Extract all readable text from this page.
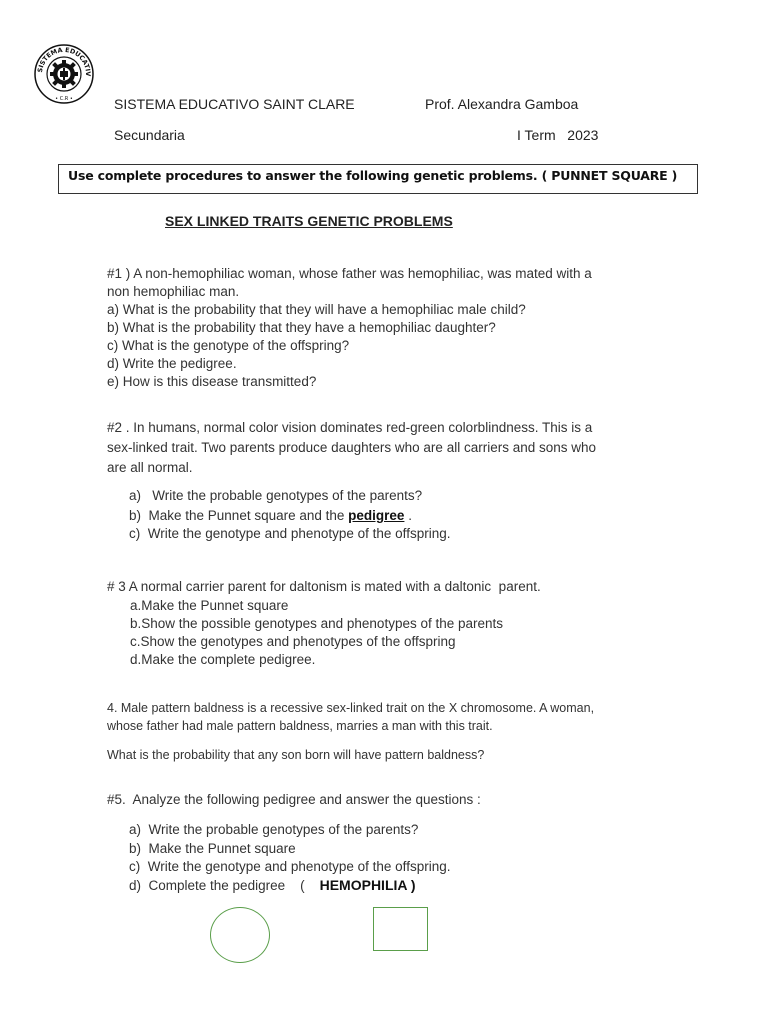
SISTEMA EDUCATIV
• C.R •	SISTEMA EDUCATIVO SAINT CLARE	Prof. Alexandra Gamboa
Secundaria	I Term   2023
Use complete procedures to answer the following genetic problems. ( PUNNET SQUARE )
SEX LINKED TRAITS GENETIC PROBLEMS
#1 ) A non-hemophiliac woman, whose father was hemophiliac, was mated with a
non hemophiliac man.
a) What is the probability that they will have a hemophiliac male child?
b) What is the probability that they have a hemophiliac daughter?
c) What is the genotype of the offspring?
d) Write the pedigree.
e) How is this disease transmitted?
#2 . In humans, normal color vision dominates red-green colorblindness. This is a
sex-linked trait. Two parents produce daughters who are all carriers and sons who
are all normal.
a)   Write the probable genotypes of the parents?
b)  Make the Punnet square and the pedigree .
c)  Write the genotype and phenotype of the offspring.
# 3 A normal carrier parent for daltonism is mated with a daltonic  parent.
a.Make the Punnet square
b.Show the possible genotypes and phenotypes of the parents
c.Show the genotypes and phenotypes of the offspring
d.Make the complete pedigree.
4. Male pattern baldness is a recessive sex-linked trait on the X chromosome. A woman,
whose father had male pattern baldness, marries a man with this trait.
What is the probability that any son born will have pattern baldness?
#5.  Analyze the following pedigree and answer the questions :
a)  Write the probable genotypes of the parents?
b)  Make the Punnet square
c)  Write the genotype and phenotype of the offspring.
d)  Complete the pedigree    (    HEMOPHILIA )
